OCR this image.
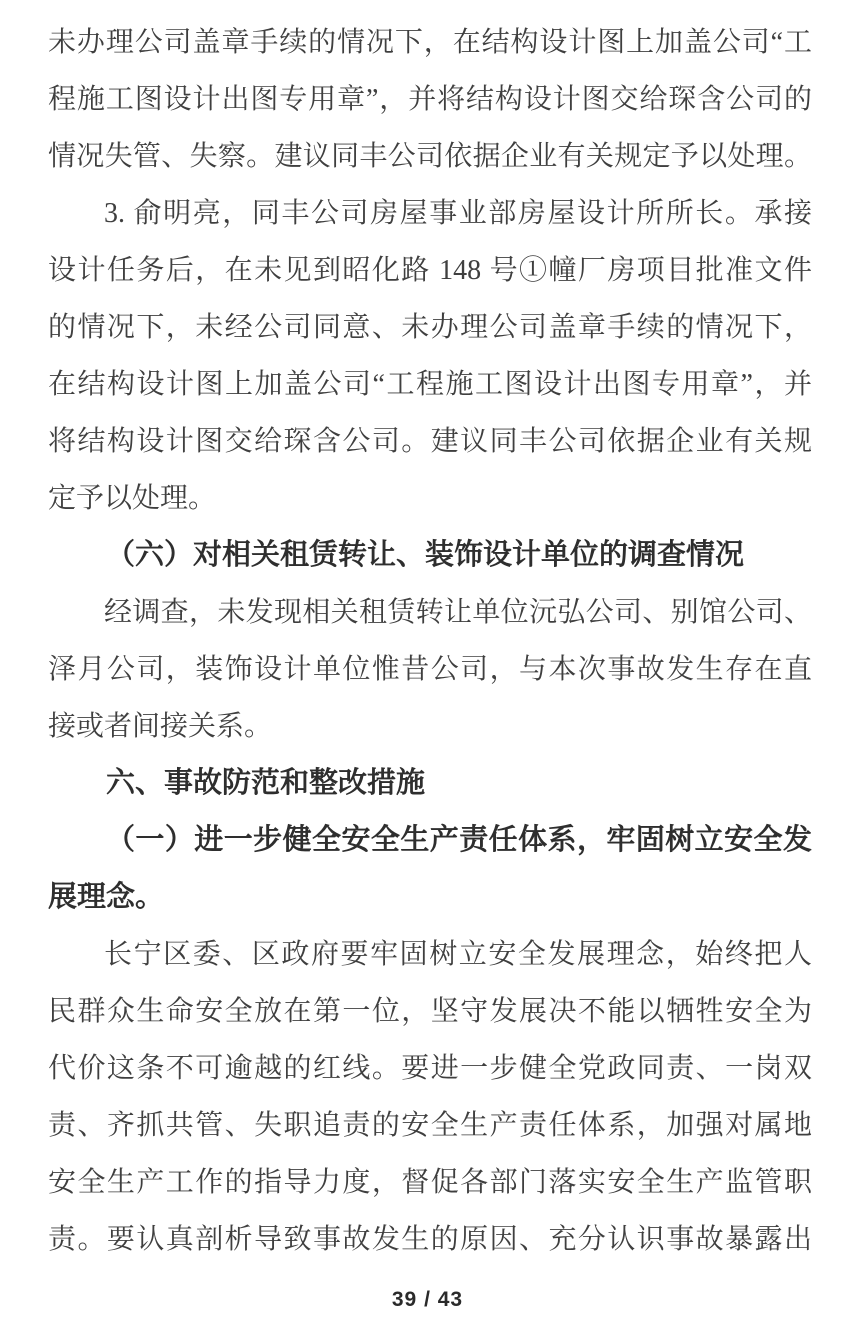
未办理公司盖章手续的情况下，在结构设计图上加盖公司“工
程施工图设计出图专用章”，并将结构设计图交给琛含公司的
情况失管、失察。建议同丰公司依据企业有关规定予以处理。
3. 俞明亮，同丰公司房屋事业部房屋设计所所长。承接
设计任务后，在未见到昭化路 148 号①幢厂房项目批准文件
的情况下，未经公司同意、未办理公司盖章手续的情况下，
在结构设计图上加盖公司“工程施工图设计出图专用章”，并
将结构设计图交给琛含公司。建议同丰公司依据企业有关规
定予以处理。
（六）对相关租赁转让、装饰设计单位的调查情况
经调查，未发现相关租赁转让单位沅弘公司、别馆公司、
泽月公司，装饰设计单位惟昔公司，与本次事故发生存在直
接或者间接关系。
六、事故防范和整改措施
（一）进一步健全安全生产责任体系，牢固树立安全发
展理念。
长宁区委、区政府要牢固树立安全发展理念，始终把人
民群众生命安全放在第一位，坚守发展决不能以牺牲安全为
代价这条不可逾越的红线。要进一步健全党政同责、一岗双
责、齐抓共管、失职追责的安全生产责任体系，加强对属地
安全生产工作的指导力度，督促各部门落实安全生产监管职
责。要认真剖析导致事故发生的原因、充分认识事故暴露出
39 / 43
